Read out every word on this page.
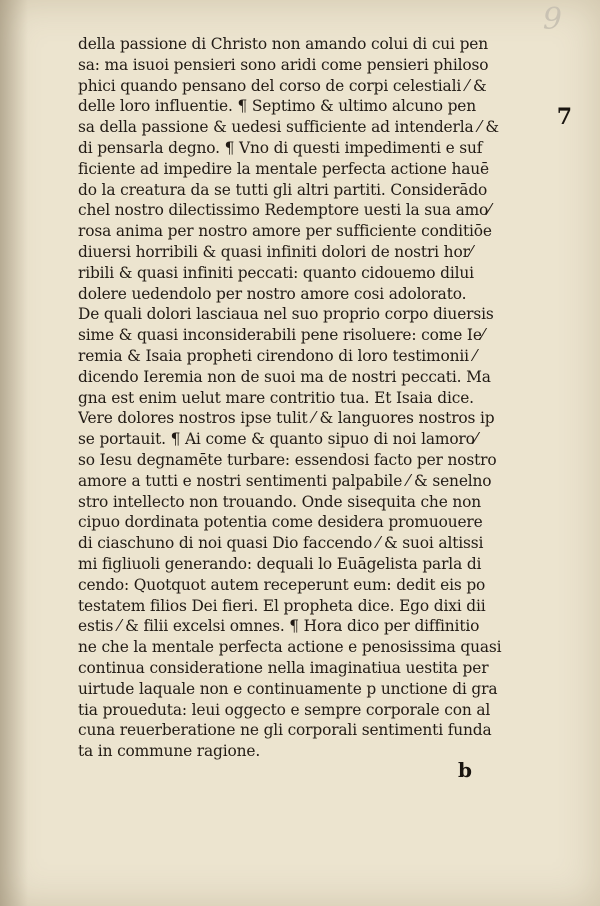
9
7
della passione di Christo non amando colui di cui pen
sa: ma isuoi pensieri sono aridi come pensieri philoso
phici quando pensano del corso de corpi celestiali ⁄ &
delle loro influentie. ¶ Septimo & ultimo alcuno pen
sa della passione & uedesi sufficiente ad intenderla ⁄ &
di pensarla degno. ¶ Vno di questi impedimenti e suf
ficiente ad impedire la mentale perfecta actione hauē
do la creatura da se tutti gli altri partiti. Considerādo
chel nostro dilectissimo Redemptore uesti la sua amo⁄
rosa anima per nostro amore per sufficiente conditiōe
diuersi horribili & quasi infiniti dolori de nostri hor⁄
ribili & quasi infiniti peccati: quanto cidouemo dilui
dolere uedendolo per nostro amore cosi adolorato.
De quali dolori lasciaua nel suo proprio corpo diuersis
sime & quasi inconsiderabili pene risoluere: come Ie⁄
remia & Isaia propheti cirendono di loro testimonii ⁄
dicendo Ieremia non de suoi ma de nostri peccati. Ma
gna est enim uelut mare contritio tua. Et Isaia dice.
Vere dolores nostros ipse tulit ⁄ & languores nostros ip
se portauit. ¶ Ai come & quanto sipuo di noi lamoro⁄
so Iesu degnamēte turbare: essendosi facto per nostro
amore a tutti e nostri sentimenti palpabile ⁄ & senelno
stro intellecto non trouando. Onde sisequita che non
cipuo dordinata potentia come desidera promuouere
di ciaschuno di noi quasi Dio faccendo ⁄ & suoi altissi
mi figliuoli generando: dequali lo Euāgelista parla di
cendo: Quotquot autem receperunt eum: dedit eis po
testatem filios Dei fieri. El propheta dice. Ego dixi dii
estis ⁄ & filii excelsi omnes. ¶ Hora dico per diffinitio
ne che la mentale perfecta actione e penosissima quasi
continua consideratione nella imaginatiua uestita per
uirtude laquale non e continuamente p unctione di gra
tia proueduta: leui oggecto e sempre corporale con al
cuna reuerberatione ne gli corporali sentimenti funda
ta in commune ragione.
b
